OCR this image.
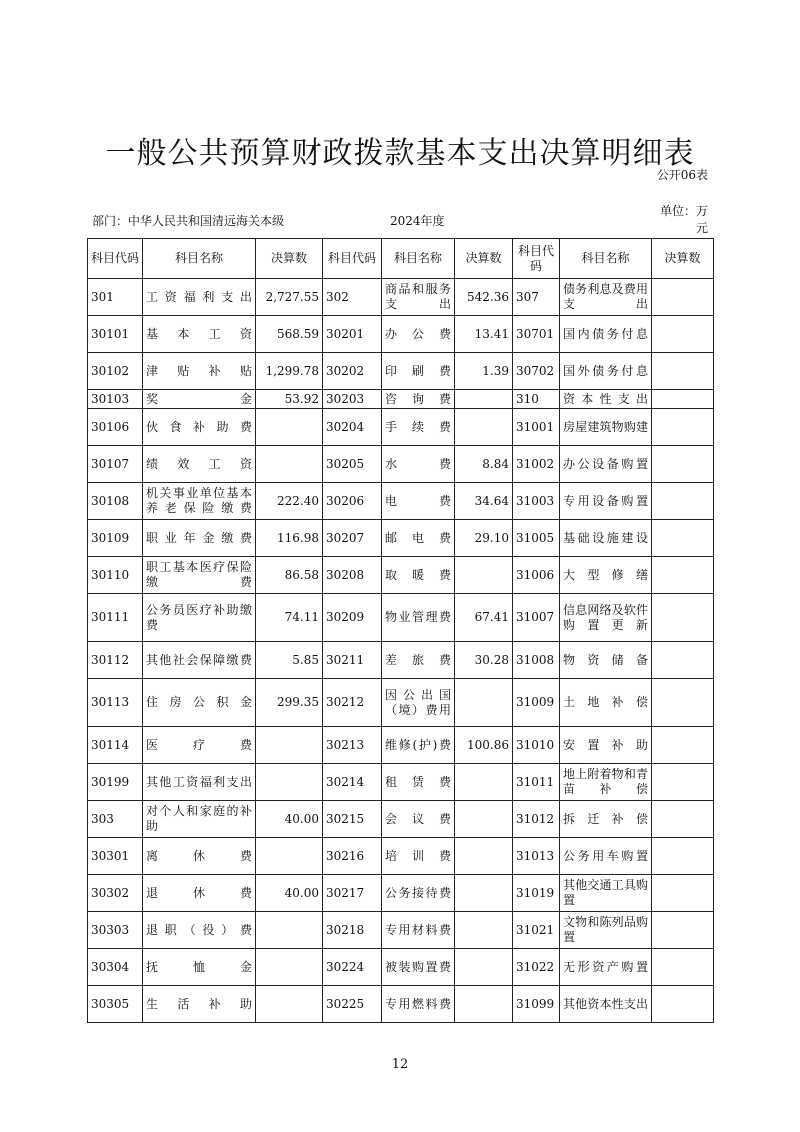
一般公共预算财政拨款基本支出决算明细表
公开06表
单位：万元
部门：中华人民共和国清远海关本级	2024年度
科目代码	科目名称	决算数	科目代码	科目名称	决算数	科目代码	科目名称	决算数
301	工资福利支出	2,727.55	302	商品和服务支出	542.36	307	债务利息及费用支出	
30101	基本工资	568.59	30201	办公费	13.41	30701	国内债务付息	
30102	津贴补贴	1,299.78	30202	印刷费	1.39	30702	国外债务付息	
30103	奖金	53.92	30203	咨询费		310	资本性支出	
30106	伙食补助费		30204	手续费		31001	房屋建筑物购建	
30107	绩效工资		30205	水费	8.84	31002	办公设备购置	
30108	机关事业单位基本养老保险缴费	222.40	30206	电费	34.64	31003	专用设备购置	
30109	职业年金缴费	116.98	30207	邮电费	29.10	31005	基础设施建设	
30110	职工基本医疗保险缴费	86.58	30208	取暖费		31006	大型修缮	
30111	公务员医疗补助缴费	74.11	30209	物业管理费	67.41	31007	信息网络及软件购置更新	
30112	其他社会保障缴费	5.85	30211	差旅费	30.28	31008	物资储备	
30113	住房公积金	299.35	30212	因公出国（境）费用		31009	土地补偿	
30114	医疗费		30213	维修(护)费	100.86	31010	安置补助	
30199	其他工资福利支出		30214	租赁费		31011	地上附着物和青苗补偿	
303	对个人和家庭的补助	40.00	30215	会议费		31012	拆迁补偿	
30301	离休费		30216	培训费		31013	公务用车购置	
30302	退休费	40.00	30217	公务接待费		31019	其他交通工具购置	
30303	退职（役）费		30218	专用材料费		31021	文物和陈列品购置	
30304	抚恤金		30224	被装购置费		31022	无形资产购置	
30305	生活补助		30225	专用燃料费		31099	其他资本性支出	
12
